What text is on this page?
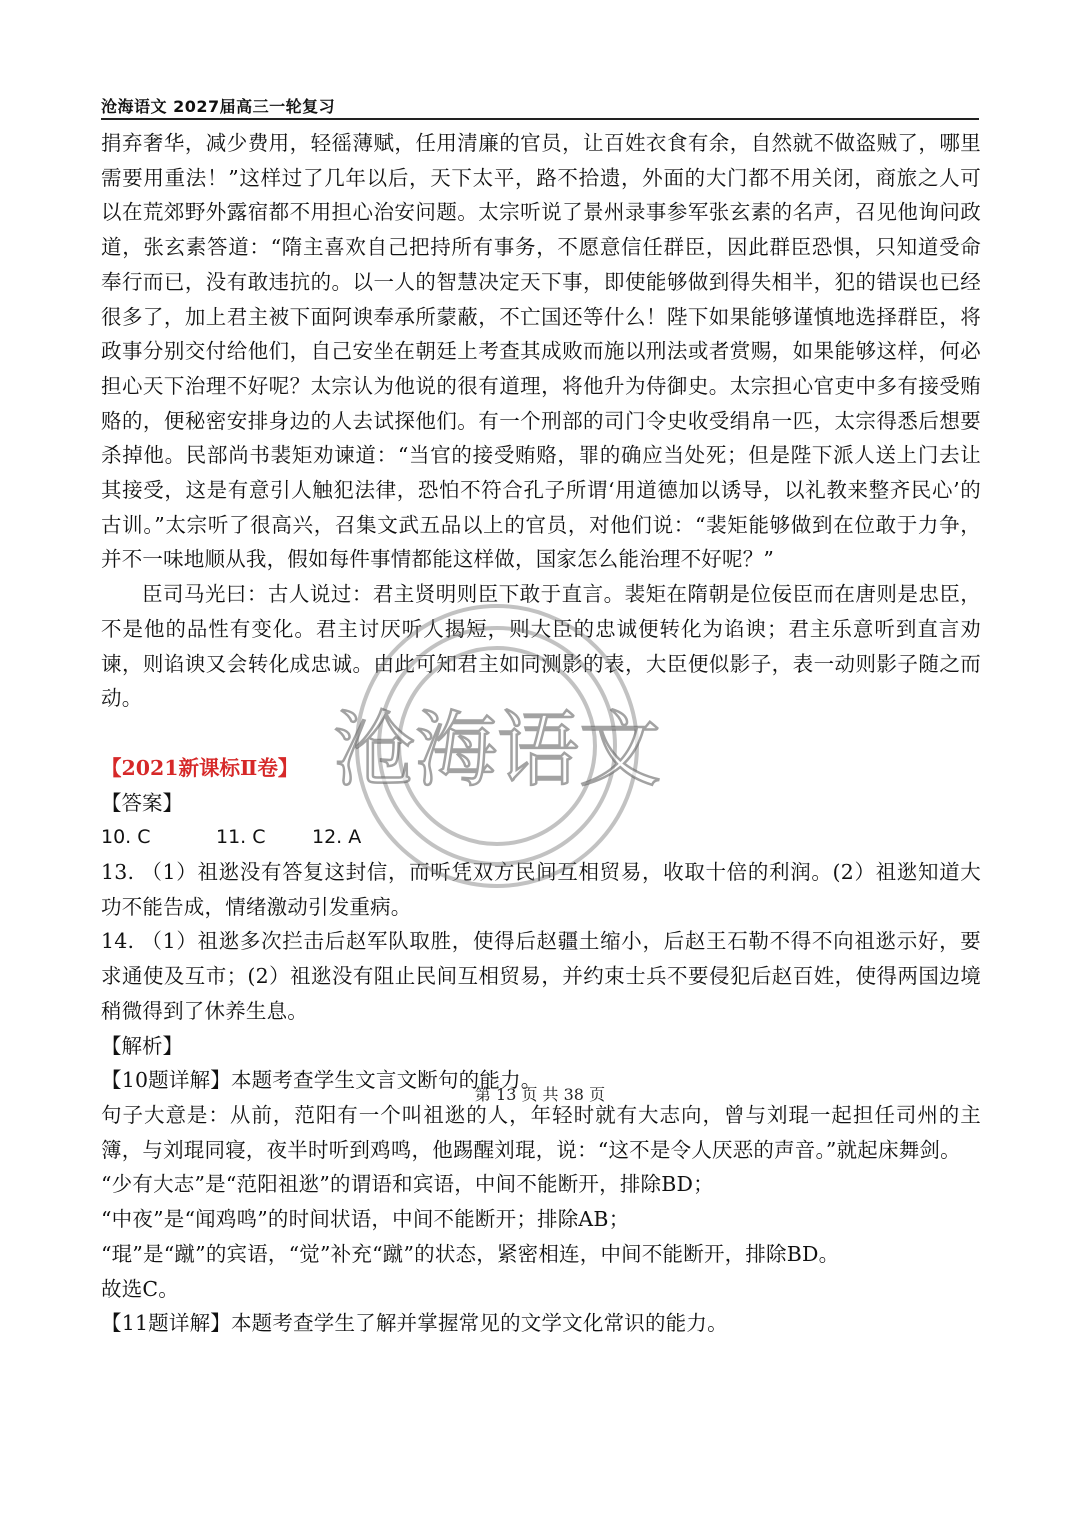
沧海语文 2027届高三一轮复习

捐弃奢华，减少费用，轻徭薄赋，任用清廉的官员，让百姓衣食有余，自然就不做盗贼了，哪里需要用重法！”这样过了几年以后，天下太平，路不拾遗，外面的大门都不用关闭，商旅之人可以在荒郊野外露宿都不用担心治安问题。太宗听说了景州录事参军张玄素的名声，召见他询问政道，张玄素答道：“隋主喜欢自己把持所有事务，不愿意信任群臣，因此群臣恐惧，只知道受命奉行而已，没有敢违抗的。以一人的智慧决定天下事，即使能够做到得失相半，犯的错误也已经很多了，加上君主被下面阿谀奉承所蒙蔽，不亡国还等什么！陛下如果能够谨慎地选择群臣，将政事分别交付给他们，自己安坐在朝廷上考查其成败而施以刑法或者赏赐，如果能够这样，何必担心天下治理不好呢？太宗认为他说的很有道理，将他升为侍御史。太宗担心官吏中多有接受贿赂的，便秘密安排身边的人去试探他们。有一个刑部的司门令史收受绢帛一匹，太宗得悉后想要杀掉他。民部尚书裴矩劝谏道：“当官的接受贿赂，罪的确应当处死；但是陛下派人送上门去让其接受，这是有意引人触犯法律，恐怕不符合孔子所谓‘用道德加以诱导，以礼教来整齐民心’的古训。”太宗听了很高兴，召集文武五品以上的官员，对他们说：“裴矩能够做到在位敢于力争，并不一味地顺从我，假如每件事情都能这样做，国家怎么能治理不好呢？”

臣司马光曰：古人说过：君主贤明则臣下敢于直言。裴矩在隋朝是位佞臣而在唐则是忠臣，不是他的品性有变化。君主讨厌听人揭短，则大臣的忠诚便转化为谄谀；君主乐意听到直言劝谏，则谄谀又会转化成忠诚。由此可知君主如同测影的表，大臣便似影子，表一动则影子随之而动。

【2021新课标Ⅱ卷】

【答案】

10. C	11. C 12. A

13. （1）祖逖没有答复这封信，而听凭双方民间互相贸易，收取十倍的利润。(2）祖逖知道大功不能告成，情绪激动引发重病。

14. （1）祖逖多次拦击后赵军队取胜，使得后赵疆土缩小，后赵王石勒不得不向祖逖示好，要求通使及互市；(2）祖逖没有阻止民间互相贸易，并约束士兵不要侵犯后赵百姓，使得两国边境稍微得到了休养生息。

【解析】

【10题详解】本题考查学生文言文断句的能力。

句子大意是：从前，范阳有一个叫祖逖的人，年轻时就有大志向，曾与刘琨一起担任司州的主簿，与刘琨同寝，夜半时听到鸡鸣，他踢醒刘琨，说：“这不是令人厌恶的声音。”就起床舞剑。

“少有大志”是“范阳祖逖”的谓语和宾语，中间不能断开，排除BD；

“中夜”是“闻鸡鸣”的时间状语，中间不能断开；排除AB；

“琨”是“蹴”的宾语，“觉”补充“蹴”的状态，紧密相连，中间不能断开，排除BD。

故选C。

【11题详解】本题考查学生了解并掌握常见的文学文化常识的能力。

沧海语文
第 13 页 共 38 页
